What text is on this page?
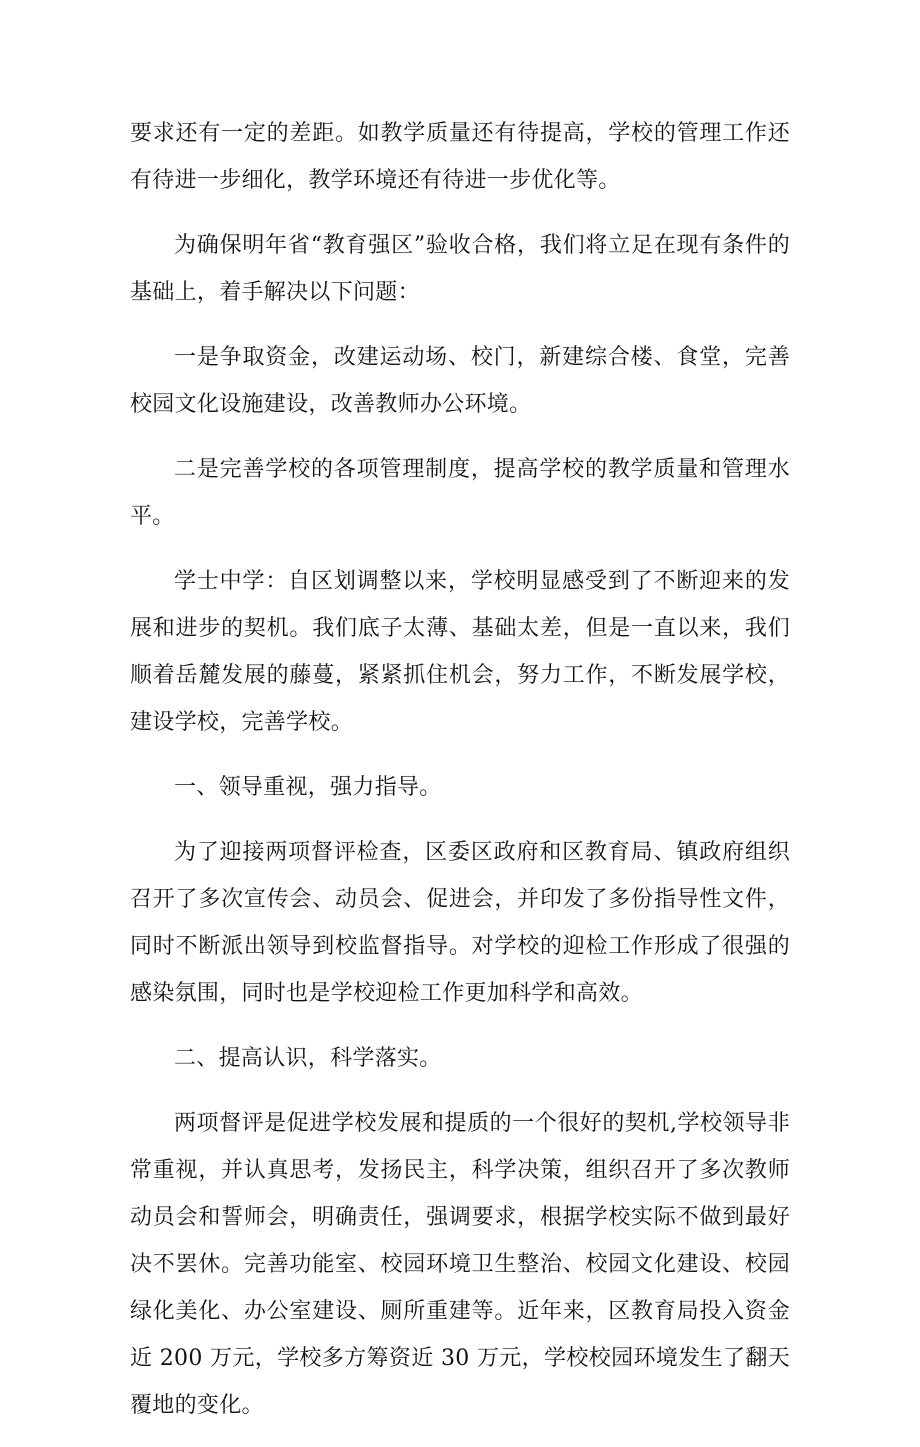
要求还有一定的差距。如教学质量还有待提高，学校的管理工作还有待进一步细化，教学环境还有待进一步优化等。

为确保明年省“教育强区”验收合格，我们将立足在现有条件的基础上，着手解决以下问题：

一是争取资金，改建运动场、校门，新建综合楼、食堂，完善校园文化设施建设，改善教师办公环境。

二是完善学校的各项管理制度，提高学校的教学质量和管理水平。

学士中学：自区划调整以来，学校明显感受到了不断迎来的发展和进步的契机。我们底子太薄、基础太差，但是一直以来，我们顺着岳麓发展的藤蔓，紧紧抓住机会，努力工作，不断发展学校，建设学校，完善学校。

一、领导重视，强力指导。

为了迎接两项督评检查，区委区政府和区教育局、镇政府组织召开了多次宣传会、动员会、促进会，并印发了多份指导性文件，同时不断派出领导到校监督指导。对学校的迎检工作形成了很强的感染氛围，同时也是学校迎检工作更加科学和高效。

二、提高认识，科学落实。

两项督评是促进学校发展和提质的一个很好的契机,学校领导非常重视，并认真思考，发扬民主，科学决策，组织召开了多次教师动员会和誓师会，明确责任，强调要求，根据学校实际不做到最好决不罢休。完善功能室、校园环境卫生整治、校园文化建设、校园绿化美化、办公室建设、厕所重建等。近年来，区教育局投入资金近 200 万元，学校多方筹资近 30 万元，学校校园环境发生了翻天覆地的变化。
